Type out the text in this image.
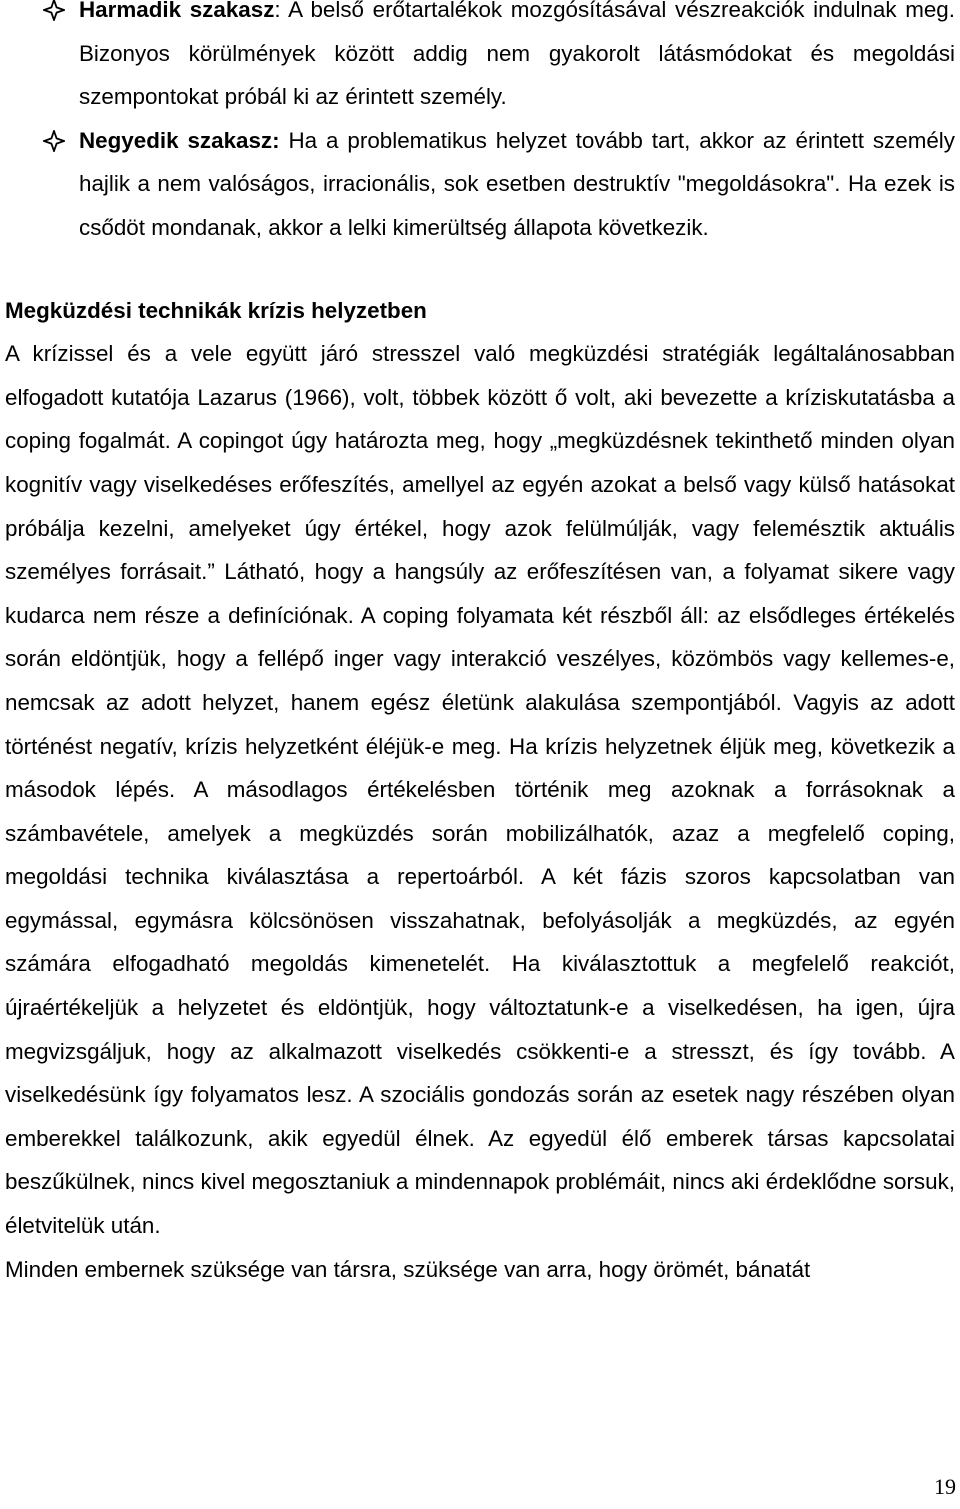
Harmadik szakasz: A belső erőtartalékok mozgósításával vészreakciók indulnak meg. Bizonyos körülmények között addig nem gyakorolt látásmódokat és megoldási szempontokat próbál ki az érintett személy.
Negyedik szakasz: Ha a problematikus helyzet tovább tart, akkor az érintett személy hajlik a nem valóságos, irracionális, sok esetben destruktív "megoldásokra". Ha ezek is csődöt mondanak, akkor a lelki kimerültség állapota következik.
Megküzdési technikák krízis helyzetben

A krízissel és a vele együtt járó stresszel való megküzdési stratégiák legáltalánosabban elfogadott kutatója Lazarus (1966), volt, többek között ő volt, aki bevezette a kríziskutatásba a coping fogalmát. A copingot úgy határozta meg, hogy „megküzdésnek tekinthető minden olyan kognitív vagy viselkedéses erőfeszítés, amellyel az egyén azokat a belső vagy külső hatásokat próbálja kezelni, amelyeket úgy értékel, hogy azok felülmúlják, vagy felemésztik aktuális személyes forrásait.” Látható, hogy a hangsúly az erőfeszítésen van, a folyamat sikere vagy kudarca nem része a definíciónak. A coping folyamata két részből áll: az elsődleges értékelés során eldöntjük, hogy a fellépő inger vagy interakció veszélyes, közömbös vagy kellemes-e, nemcsak az adott helyzet, hanem egész életünk alakulása szempontjából. Vagyis az adott történést negatív, krízis helyzetként éléjük-e meg. Ha krízis helyzetnek éljük meg, következik a másodok lépés. A másodlagos értékelésben történik meg azoknak a forrásoknak a számbavétele, amelyek a megküzdés során mobilizálhatók, azaz a megfelelő coping, megoldási technika kiválasztása a repertoárból. A két fázis szoros kapcsolatban van egymással, egymásra kölcsönösen visszahatnak, befolyásolják a megküzdés, az egyén számára elfogadható megoldás kimenetelét. Ha kiválasztottuk a megfelelő reakciót, újraértékeljük a helyzetet és eldöntjük, hogy változtatunk-e a viselkedésen, ha igen, újra megvizsgáljuk, hogy az alkalmazott viselkedés csökkenti-e a stresszt, és így tovább. A viselkedésünk így folyamatos lesz. A szociális gondozás során az esetek nagy részében olyan emberekkel találkozunk, akik egyedül élnek. Az egyedül élő emberek társas kapcsolatai beszűkülnek, nincs kivel megosztaniuk a mindennapok problémáit, nincs aki érdeklődne sorsuk, életvitelük után.

Minden embernek szüksége van társra, szüksége van arra, hogy örömét, bánatát

19
